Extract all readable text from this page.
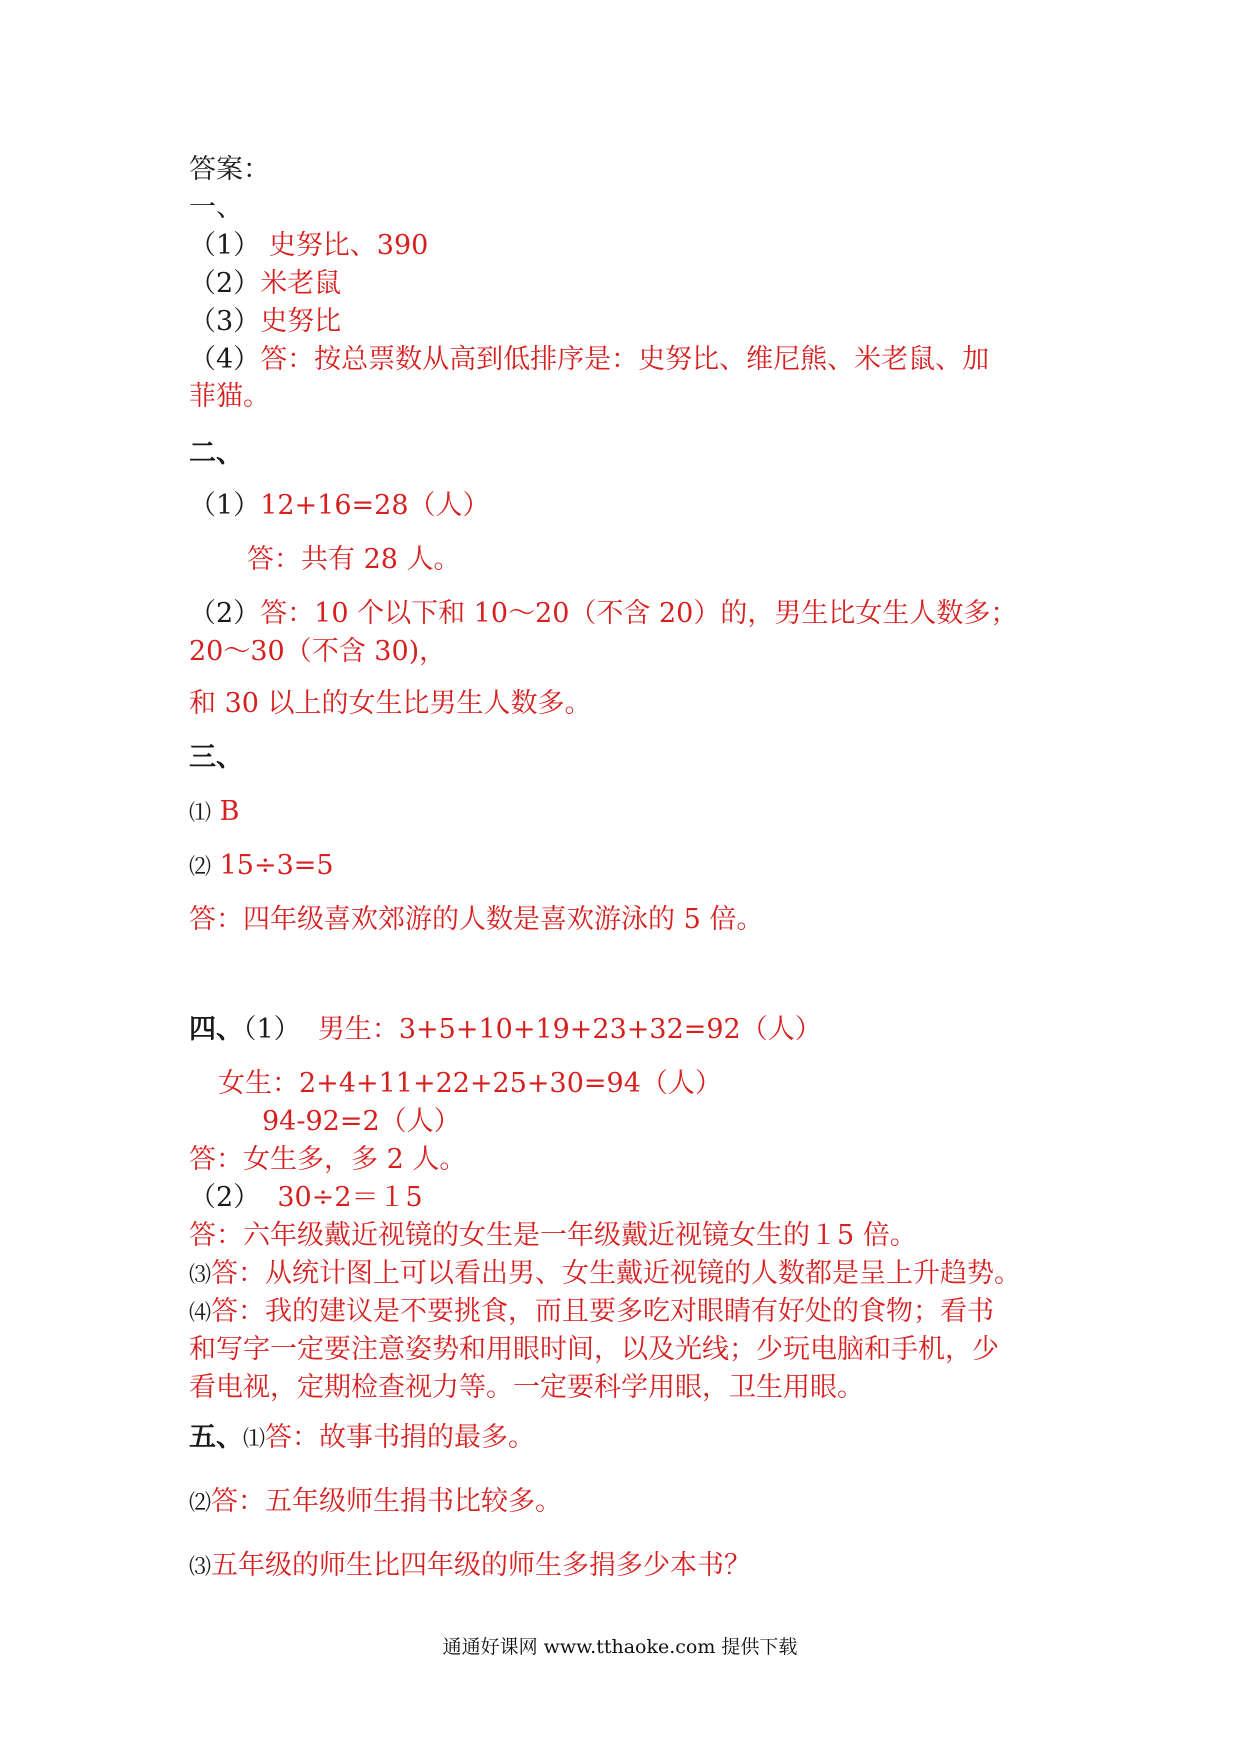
答案：
一、
（1） 史努比、390
（2）米老鼠
（3）史努比
（4）答：按总票数从高到低排序是：史努比、维尼熊、米老鼠、加
菲猫。
二、
（1）12+16=28（人）
答：共有 28 人。
（2）答：10 个以下和 10～20（不含 20）的，男生比女生人数多；
20～30（不含 30)，
和 30 以上的女生比男生人数多。
三、
⑴ B
⑵ 15÷3=5
答：四年级喜欢郊游的人数是喜欢游泳的 5 倍。
四、（1） 男生：3+5+10+19+23+32=92（人）
女生：2+4+11+22+25+30=94（人）
94-92=2（人）
答：女生多，多 2 人。
（2） 30÷2＝１5
答：六年级戴近视镜的女生是一年级戴近视镜女生的１5 倍。
⑶答：从统计图上可以看出男、女生戴近视镜的人数都是呈上升趋势。
⑷答：我的建议是不要挑食，而且要多吃对眼睛有好处的食物；看书
和写字一定要注意姿势和用眼时间，以及光线；少玩电脑和手机，少
看电视，定期检查视力等。一定要科学用眼，卫生用眼。
五、⑴答：故事书捐的最多。
⑵答：五年级师生捐书比较多。
⑶五年级的师生比四年级的师生多捐多少本书？
通通好课网 www.tthaoke.com 提供下载
